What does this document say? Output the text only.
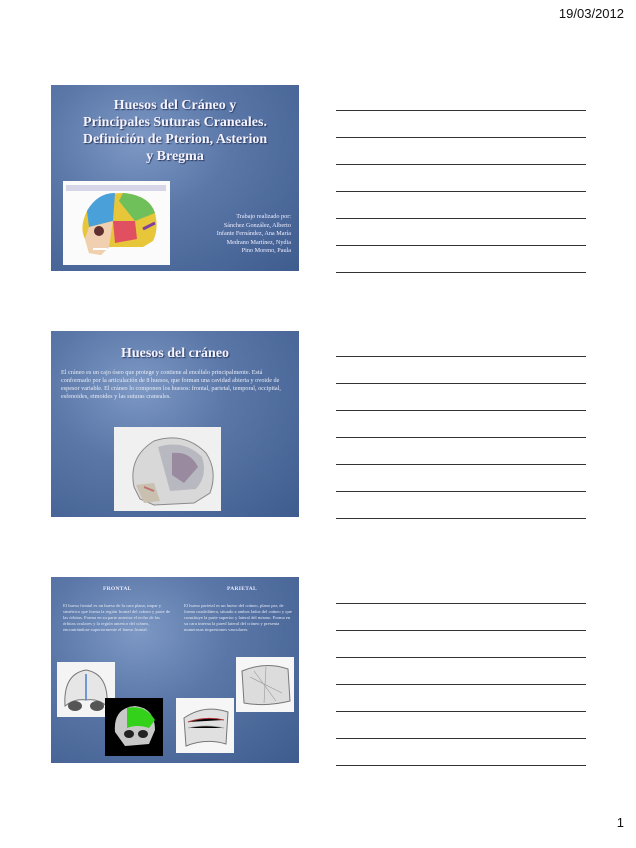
19/03/2012
Huesos del Cráneo y
Principales Suturas Craneales.
Definición de Pterion, Asterion
y Bregma
Trabajo realizado por:
Sánchez González, Alberto
Infante Fernández, Ana María
Medrano Martínez, Nydia
Pino Moreno, Paula
Huesos del cráneo
El cráneo es un cajo óseo que protege y contiene al encéfalo principalmente. Está conformado por la articulación de 8 huesos, que forman una cavidad abierta y ovoide de espesor variable. El cráneo lo componen los huesos: frontal, parietal, temporal, occipital, esfenoides, etmoides y las suturas craneales.
FRONTAL	PARIETAL
El hueso frontal es un hueso de la cara plana, impar y simétrico que forma la región frontal del cráneo y parte de las órbitas. Forma en su parte anterior el techo de las órbitas oculares y la región anterior del cráneo, encontrándose superiormente el hueso frontal.
El hueso parietal es un hueso del cráneo, plano par, de forma cuadrilátera, situado a ambos lados del cráneo y que constituye la parte superior y lateral del mismo. Forma en su cara interna la pared lateral del cráneo y presenta numerosas impresiones vasculares.
1
